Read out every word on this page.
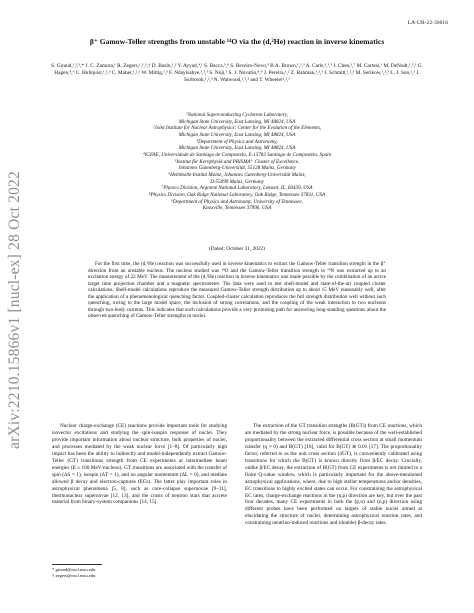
LA-UR-22-30616
arXiv:2210.15866v1 [nucl-ex] 28 Oct 2022
β⁺ Gamow-Teller strengths from unstable ¹⁴O via the (d,²He) reaction in inverse kinematics
S. Giraud,¹,²,³,* J. C. Zamora,¹ R. Zegers,¹,²,³,† D. Bazin,¹,³ Y. Ayyad,⁴,¹ S. Bacca,⁵,⁶ S. Beceiro-Novo,³ B.A. Brown,¹,²,³ A. Carls,¹,²,³ J. Chen,¹,⁷ M. Cortesi,¹ M. DeNudt,¹,²,³ G. Hagen,⁸,⁹ C. Hultquist,¹,²,³ C. Maher,¹,²,³ W. Mittig,¹,³ F. Ndayisabye,¹,²,³ S. Noji,¹ S. J. Novario,⁸,⁹ J. Pereira,¹,² Z. Rahman,¹,²,³ J. Schmitt,¹,²,³ M. Serikow,¹,²,³ L. J. Sun,¹,² J. Surbrook,¹,²,³ N. Watwood,¹,²,³ and T. Wheeler¹,²,³
¹National Superconducting Cyclotron Laboratory,
Michigan State University, East Lansing, MI 48824, USA
²Joint Institute for Nuclear Astrophysics: Center for the Evolution of the Elements,
Michigan State University, East Lansing, MI 48824, USA
³Department of Physics and Astronomy,
Michigan State University, East Lansing, MI 48824, USA
⁴IGFAE, Universidade de Santiago de Compostela, E-15782 Santiago de Compostela, Spain
⁵Institut für Kernphysik and PRISMA⁺ Cluster of Excellence,
Johannes Gutenberg-Universität, 55128 Mainz, Germany
⁶Helmholtz-Institut Mainz, Johannes Gutenberg-Universität Mainz,
D-55099 Mainz, Germany
⁷Physics Division, Argonne National Laboratory, Lemont, IL, 60439, USA
⁸Physics Division, Oak Ridge National Laboratory, Oak Ridge, Tennessee 37831, USA
⁹Department of Physics and Astronomy, University of Tennessee,
Knoxville, Tennessee 37996, USA
(Dated: October 31, 2022)
For the first time, the (d,²He) reaction was successfully used in inverse kinematics to extract the Gamow-Teller transition strength in the β⁺ direction from an unstable nucleus. The nucleus studied was ¹⁴O and the Gamow-Teller transition strength to ¹⁴N was extracted up to an excitation energy of 22 MeV. The measurement of the (d,²He) reaction in inverse kinematics was made possible by the combination of an active target time projection chamber and a magnetic spectrometer. The data were used to test shell-model and state-of-the-art coupled cluster calculations. Shell-model calculations reproduce the measured Gamow-Teller strength distribution up to about 15 MeV reasonably well, after the application of a phenomenological quenching factor. Coupled-cluster calculation reproduces the full strength distribution well without such quenching, owing to the large model space, the inclusion of strong correlations, and the coupling of the weak interaction to two nucleons through two-body currents. This indicates that such calculations provide a very promising path for answering long-standing questions about the observed quenching of Gamow-Teller strengths in nuclei.
Nuclear charge-exchange (CE) reactions provide important tools for studying isovector excitations and studying the spin-isospin response of nuclei. They provide important information about nuclear structure, bulk properties of nuclei, and processes mediated by the weak nuclear force [1–8]. Of particularly high impact has been the ability to indirectly and model-independently extract Gamow-Teller (GT) transitions strength from CE experiments at intermediate beam energies (E ≥ 100 MeV/nucleon). GT transitions are associated with the transfer of spin (ΔS = 1), isospin (ΔT = 1), and no angular momentum (ΔL = 0), and mediate allowed β decay and electron-captures (ECs). The latter play important roles in astrophysical phenomena [5, 8], such as core-collapse supernovae [9–11], thermonuclear supernovae [12, 13], and the crusts of neutron stars that accrete material from binary-system companions [14, 15].
The extraction of the GT transition strengths (B(GT)) from CE reactions, which are mediated by the strong nuclear force, is possible because of the well-established proportionality between the extracted differential cross section at small momentum transfer (q ≈ 0) and B(GT) [16], valid for B(GT) ≳ 0.01 [17]. The proportionality factor, referred to as the unit cross section (σ̂GT), is conveniently calibrated using transitions for which the B(GT) is known directly from β/EC decay. Crucially, unlike β/EC decay, the extraction of B(GT) from CE experiments is not limited to a finite Q-value window, which is particularly important for the above-mentioned astrophysical applications, where, due to high stellar temperatures and/or densities, EC transitions to highly excited states can occur. For constraining the astrophysical EC rates, charge-exchange reactions in the (n,p) direction are key, but over the past four decades, many CE experiments in both the (p,n) and (n,p) direction using different probes have been performed on targets of stable nuclei aimed at elucidating the structure of nuclei, determining astrophysical reaction rates, and constraining neutrino-induced reactions and (double) β-decay rates.
* giraud@nscl.msu.edu
† zegers@nscl.msu.edu
